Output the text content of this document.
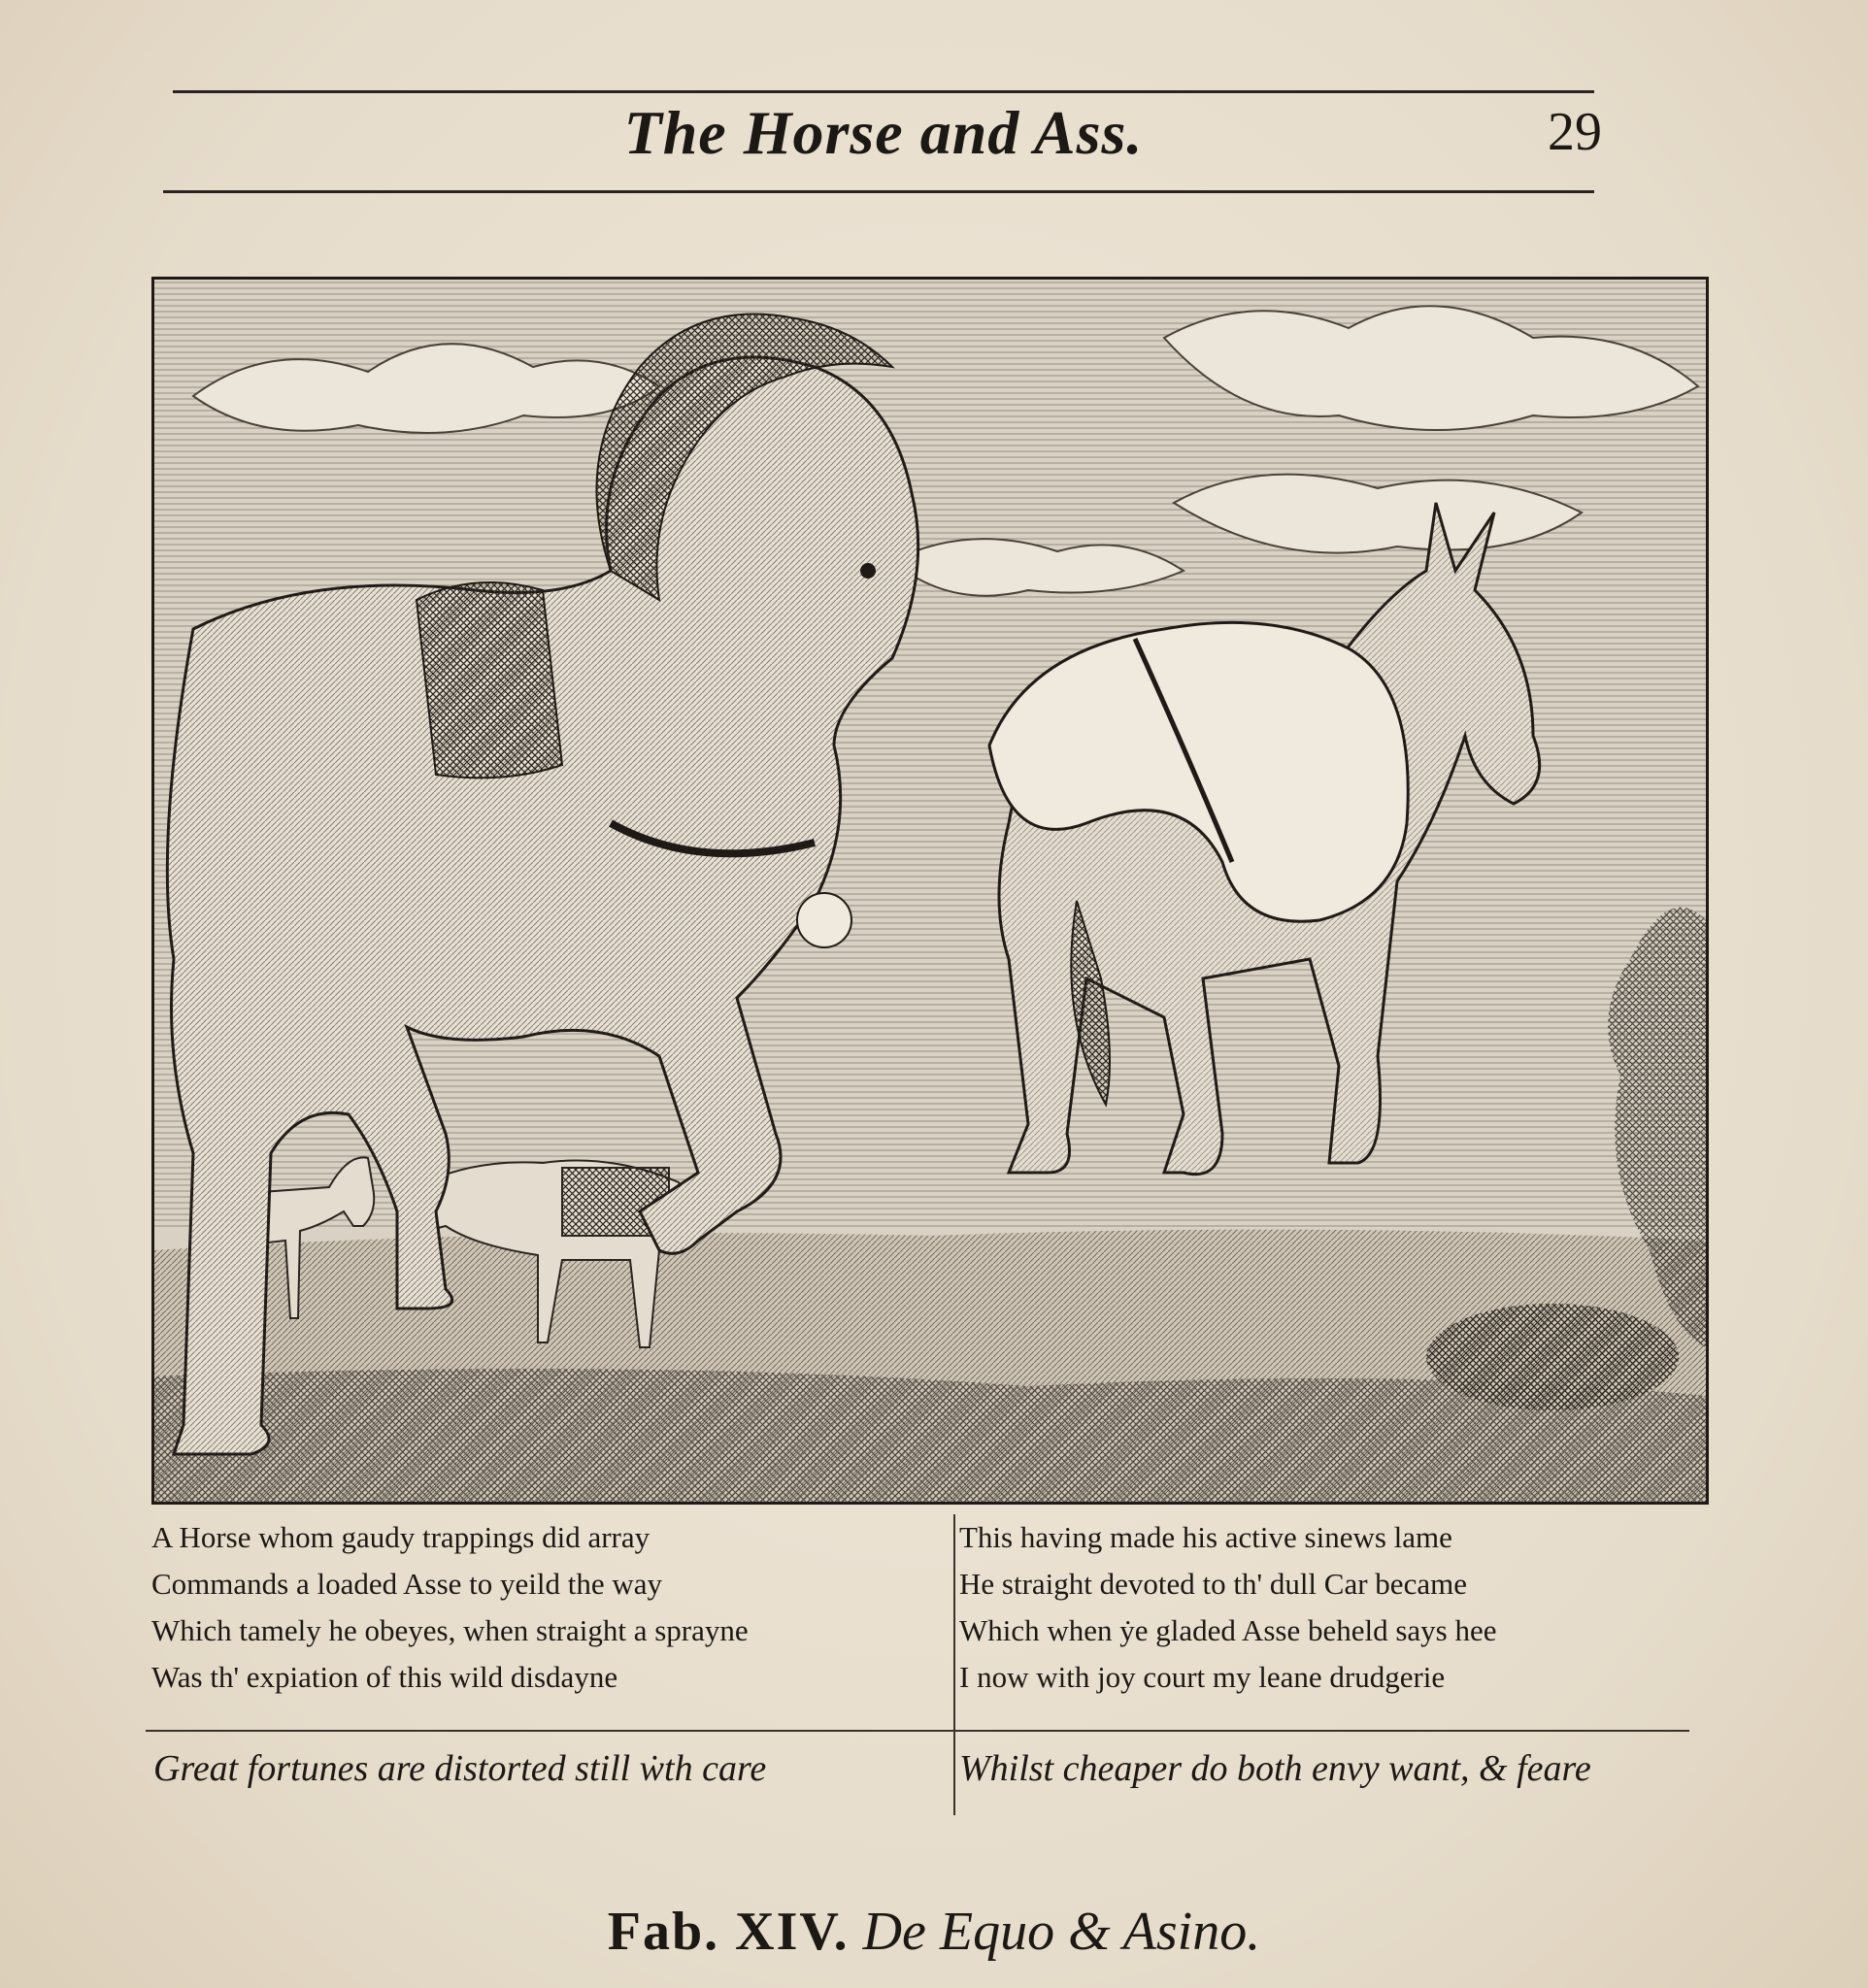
The Horse and Ass.	29
A Horse whom gaudy trappings did array
Commands a loaded Asse to yeild the way
Which tamely he obeyes, when straight a sprayne
Was th' expiation of this wild disdayne
This having made his active sinews lame
He straight devoted to th' dull Car became
Which when ẏe gladed Asse beheld says hee
I now with joy court my leane drudgerie
Great fortunes are distorted still ẇth care	Whilst cheaper do both envy want, & feare
Fab. XIV. De Equo & Asino.
